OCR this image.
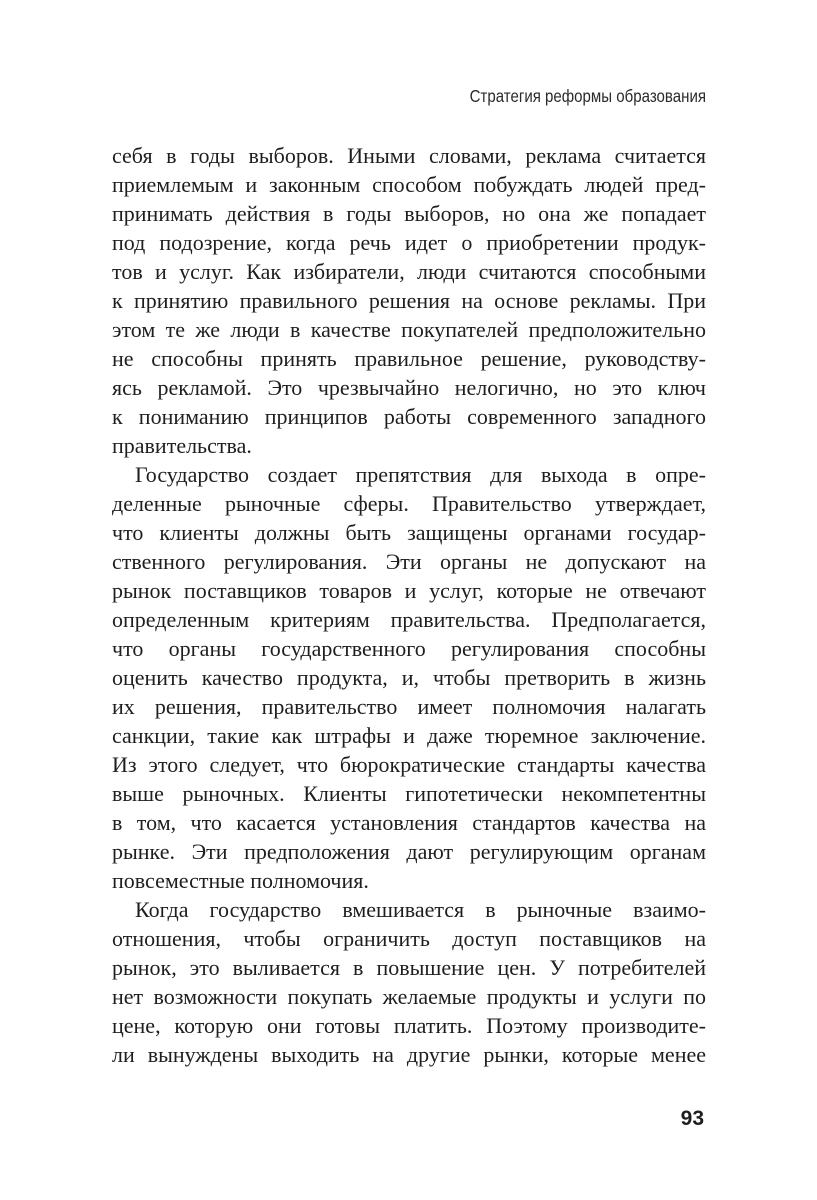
Стратегия реформы образования
себя в годы выборов. Иными словами, реклама считается
приемлемым и законным способом побуждать людей пред-
принимать действия в годы выборов, но она же попадает
под подозрение, когда речь идет о приобретении продук-
тов и услуг. Как избиратели, люди считаются способными
к принятию правильного решения на основе рекламы. При
этом те же люди в качестве покупателей предположительно
не способны принять правильное решение, руководству-
ясь рекламой. Это чрезвычайно нелогично, но это ключ
к пониманию принципов работы современного западного
правительства.
Государство создает препятствия для выхода в опре-
деленные рыночные сферы. Правительство утверждает,
что клиенты должны быть защищены органами государ-
ственного регулирования. Эти органы не допускают на
рынок поставщиков товаров и услуг, которые не отвечают
определенным критериям правительства. Предполагается,
что органы государственного регулирования способны
оценить качество продукта, и, чтобы претворить в жизнь
их решения, правительство имеет полномочия налагать
санкции, такие как штрафы и даже тюремное заключение.
Из этого следует, что бюрократические стандарты качества
выше рыночных. Клиенты гипотетически некомпетентны
в том, что касается установления стандартов качества на
рынке. Эти предположения дают регулирующим органам
повсеместные полномочия.
Когда государство вмешивается в рыночные взаимо-
отношения, чтобы ограничить доступ поставщиков на
рынок, это выливается в повышение цен. У потребителей
нет возможности покупать желаемые продукты и услуги по
цене, которую они готовы платить. Поэтому производите-
ли вынуждены выходить на другие рынки, которые менее
93
